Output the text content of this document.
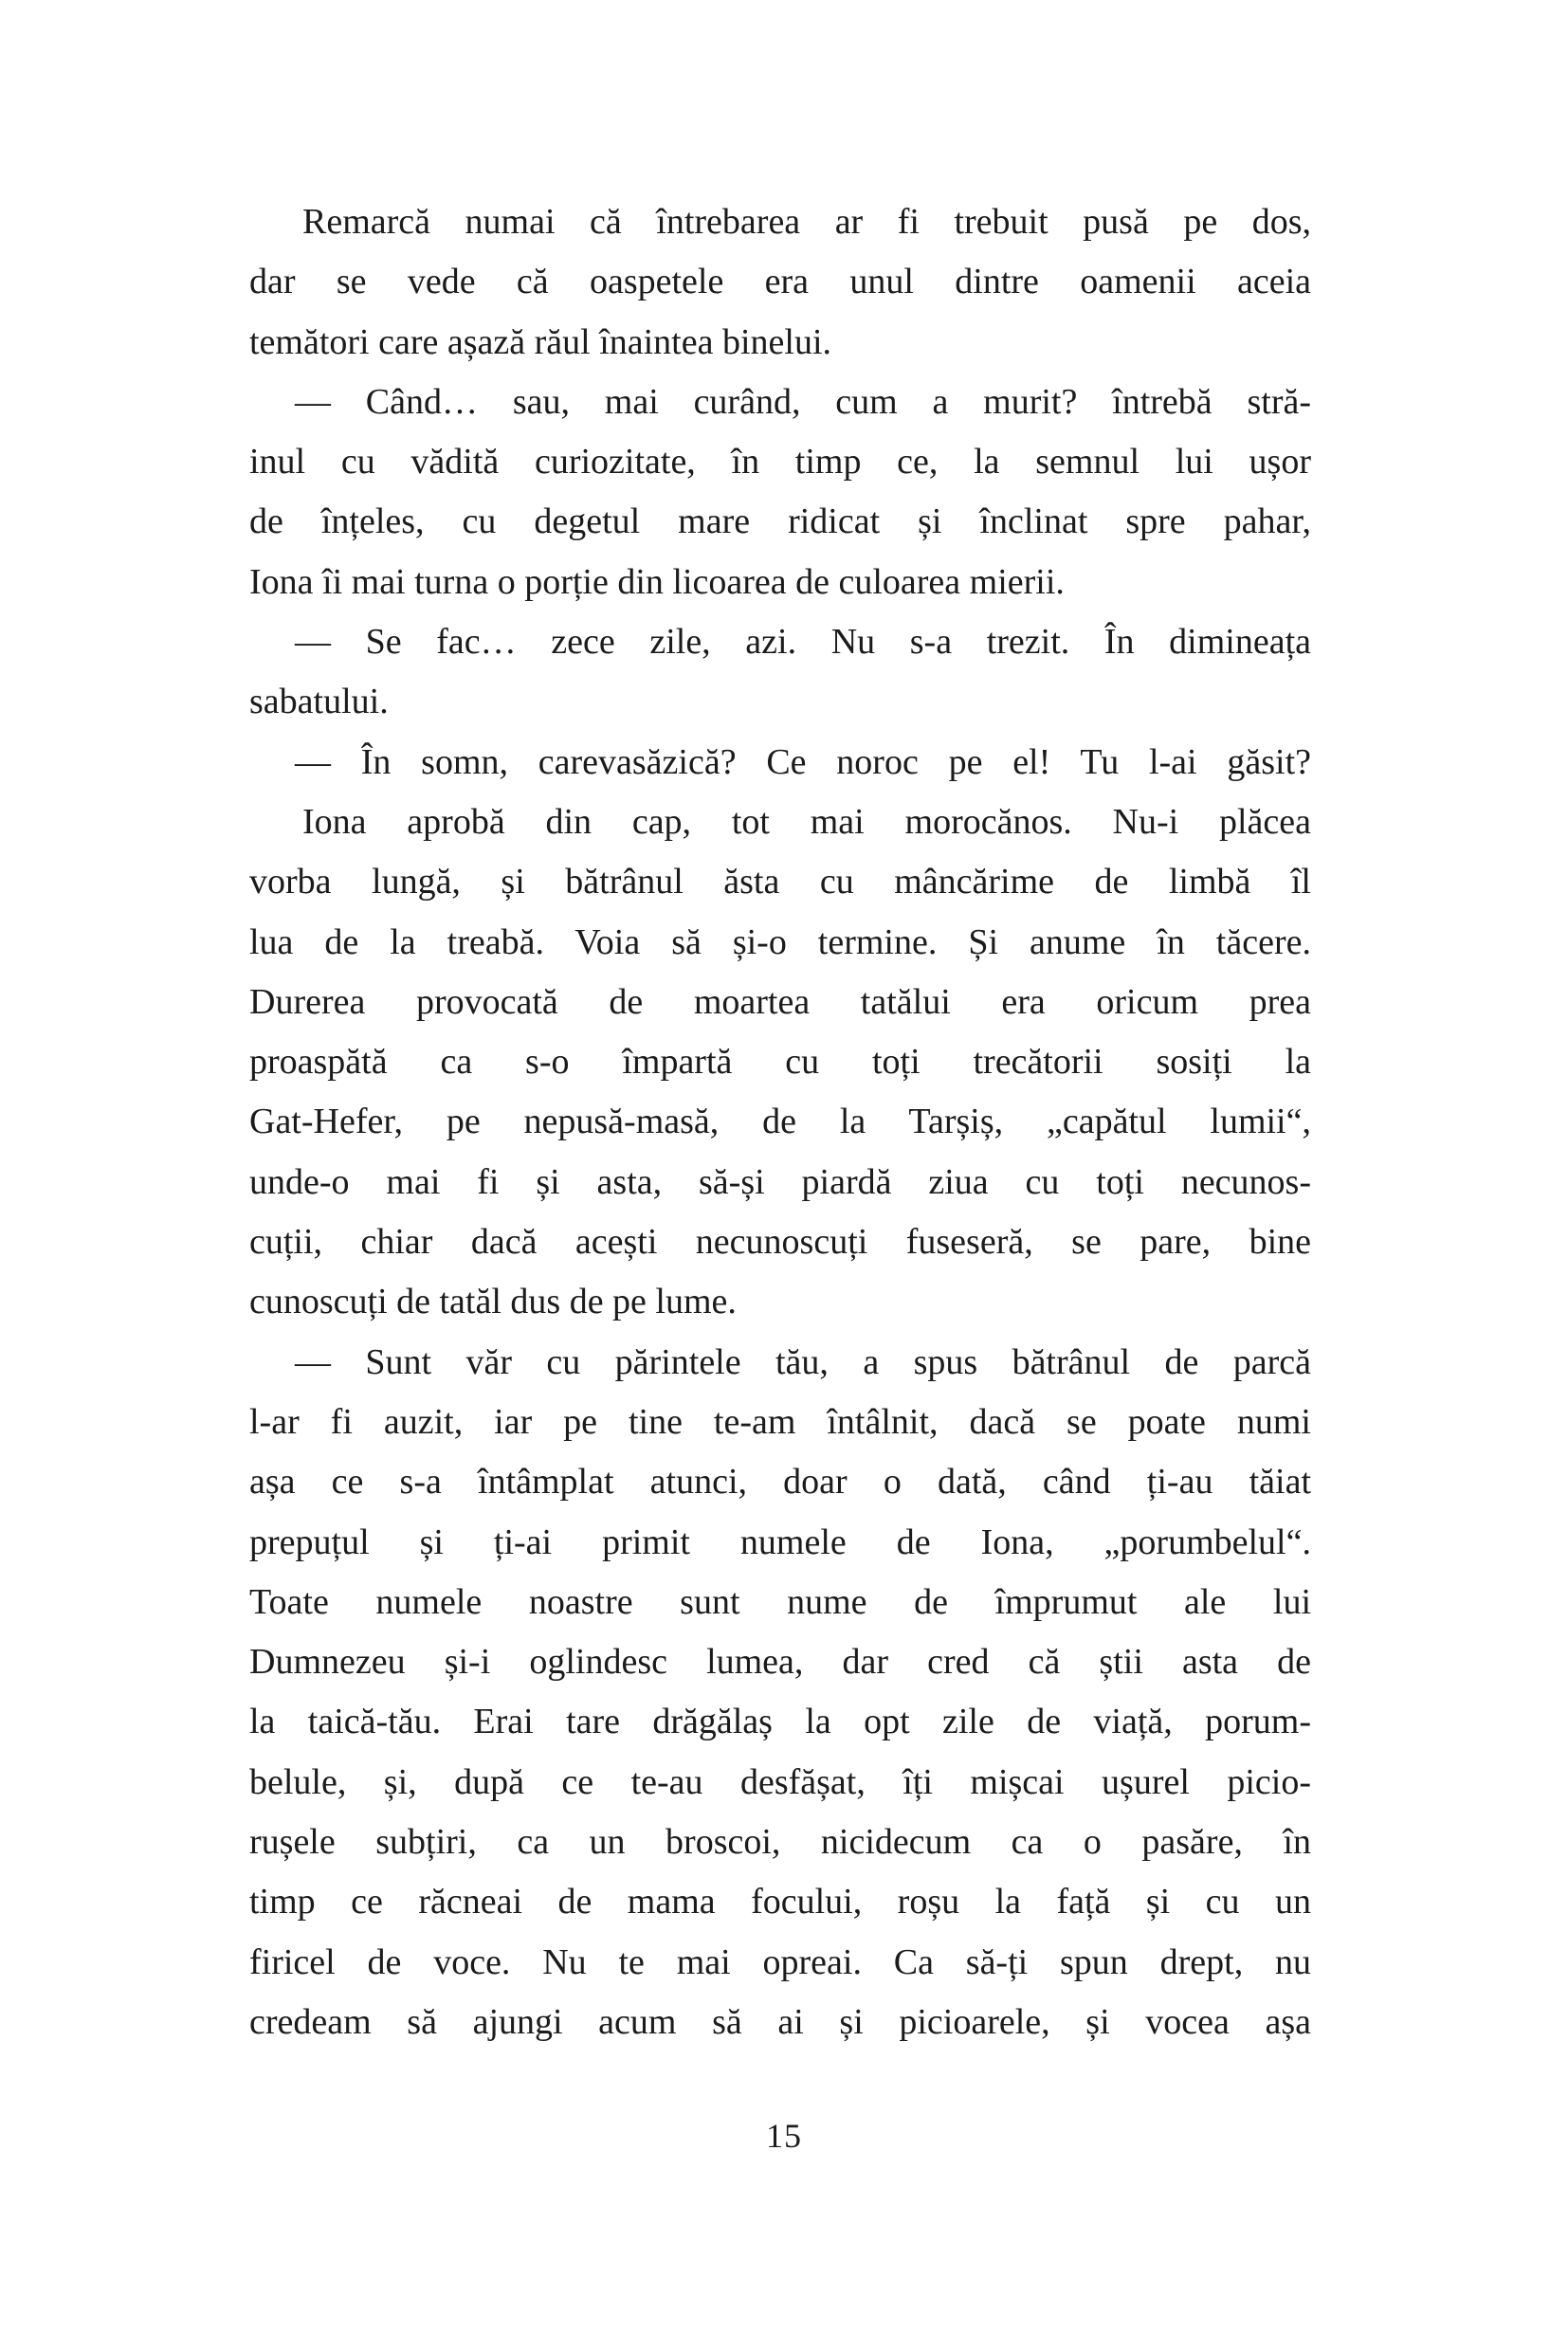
Remarcă numai că întrebarea ar fi trebuit pusă pe dos,
dar se vede că oaspetele era unul dintre oamenii aceia
temători care așază răul înaintea binelui.
— Când… sau, mai curând, cum a murit? întrebă stră-
inul cu vădită curiozitate, în timp ce, la semnul lui ușor
de înțeles, cu degetul mare ridicat și înclinat spre pahar,
Iona îi mai turna o porție din licoarea de culoarea mierii.
— Se fac… zece zile, azi. Nu s-a trezit. În dimineața
sabatului.
— În somn, carevasăzică? Ce noroc pe el! Tu l-ai găsit?
Iona aprobă din cap, tot mai morocănos. Nu-i plăcea
vorba lungă, și bătrânul ăsta cu mâncărime de limbă îl
lua de la treabă. Voia să și-o termine. Și anume în tăcere.
Durerea provocată de moartea tatălui era oricum prea
proaspătă ca s-o împartă cu toți trecătorii sosiți la
Gat-Hefer, pe nepusă-masă, de la Tarșiș, „capătul lumii“,
unde-o mai fi și asta, să-și piardă ziua cu toți necunos-
cuții, chiar dacă acești necunoscuți fuseseră, se pare, bine
cunoscuți de tatăl dus de pe lume.
— Sunt văr cu părintele tău, a spus bătrânul de parcă
l-ar fi auzit, iar pe tine te-am întâlnit, dacă se poate numi
așa ce s-a întâmplat atunci, doar o dată, când ți-au tăiat
prepuțul și ți-ai primit numele de Iona, „porumbelul“.
Toate numele noastre sunt nume de împrumut ale lui
Dumnezeu și-i oglindesc lumea, dar cred că știi asta de
la taică-tău. Erai tare drăgălaș la opt zile de viață, porum-
belule, și, după ce te-au desfășat, îți mișcai ușurel picio-
rușele subțiri, ca un broscoi, nicidecum ca o pasăre, în
timp ce răcneai de mama focului, roșu la față și cu un
firicel de voce. Nu te mai opreai. Ca să-ți spun drept, nu
credeam să ajungi acum să ai și picioarele, și vocea așa
15
